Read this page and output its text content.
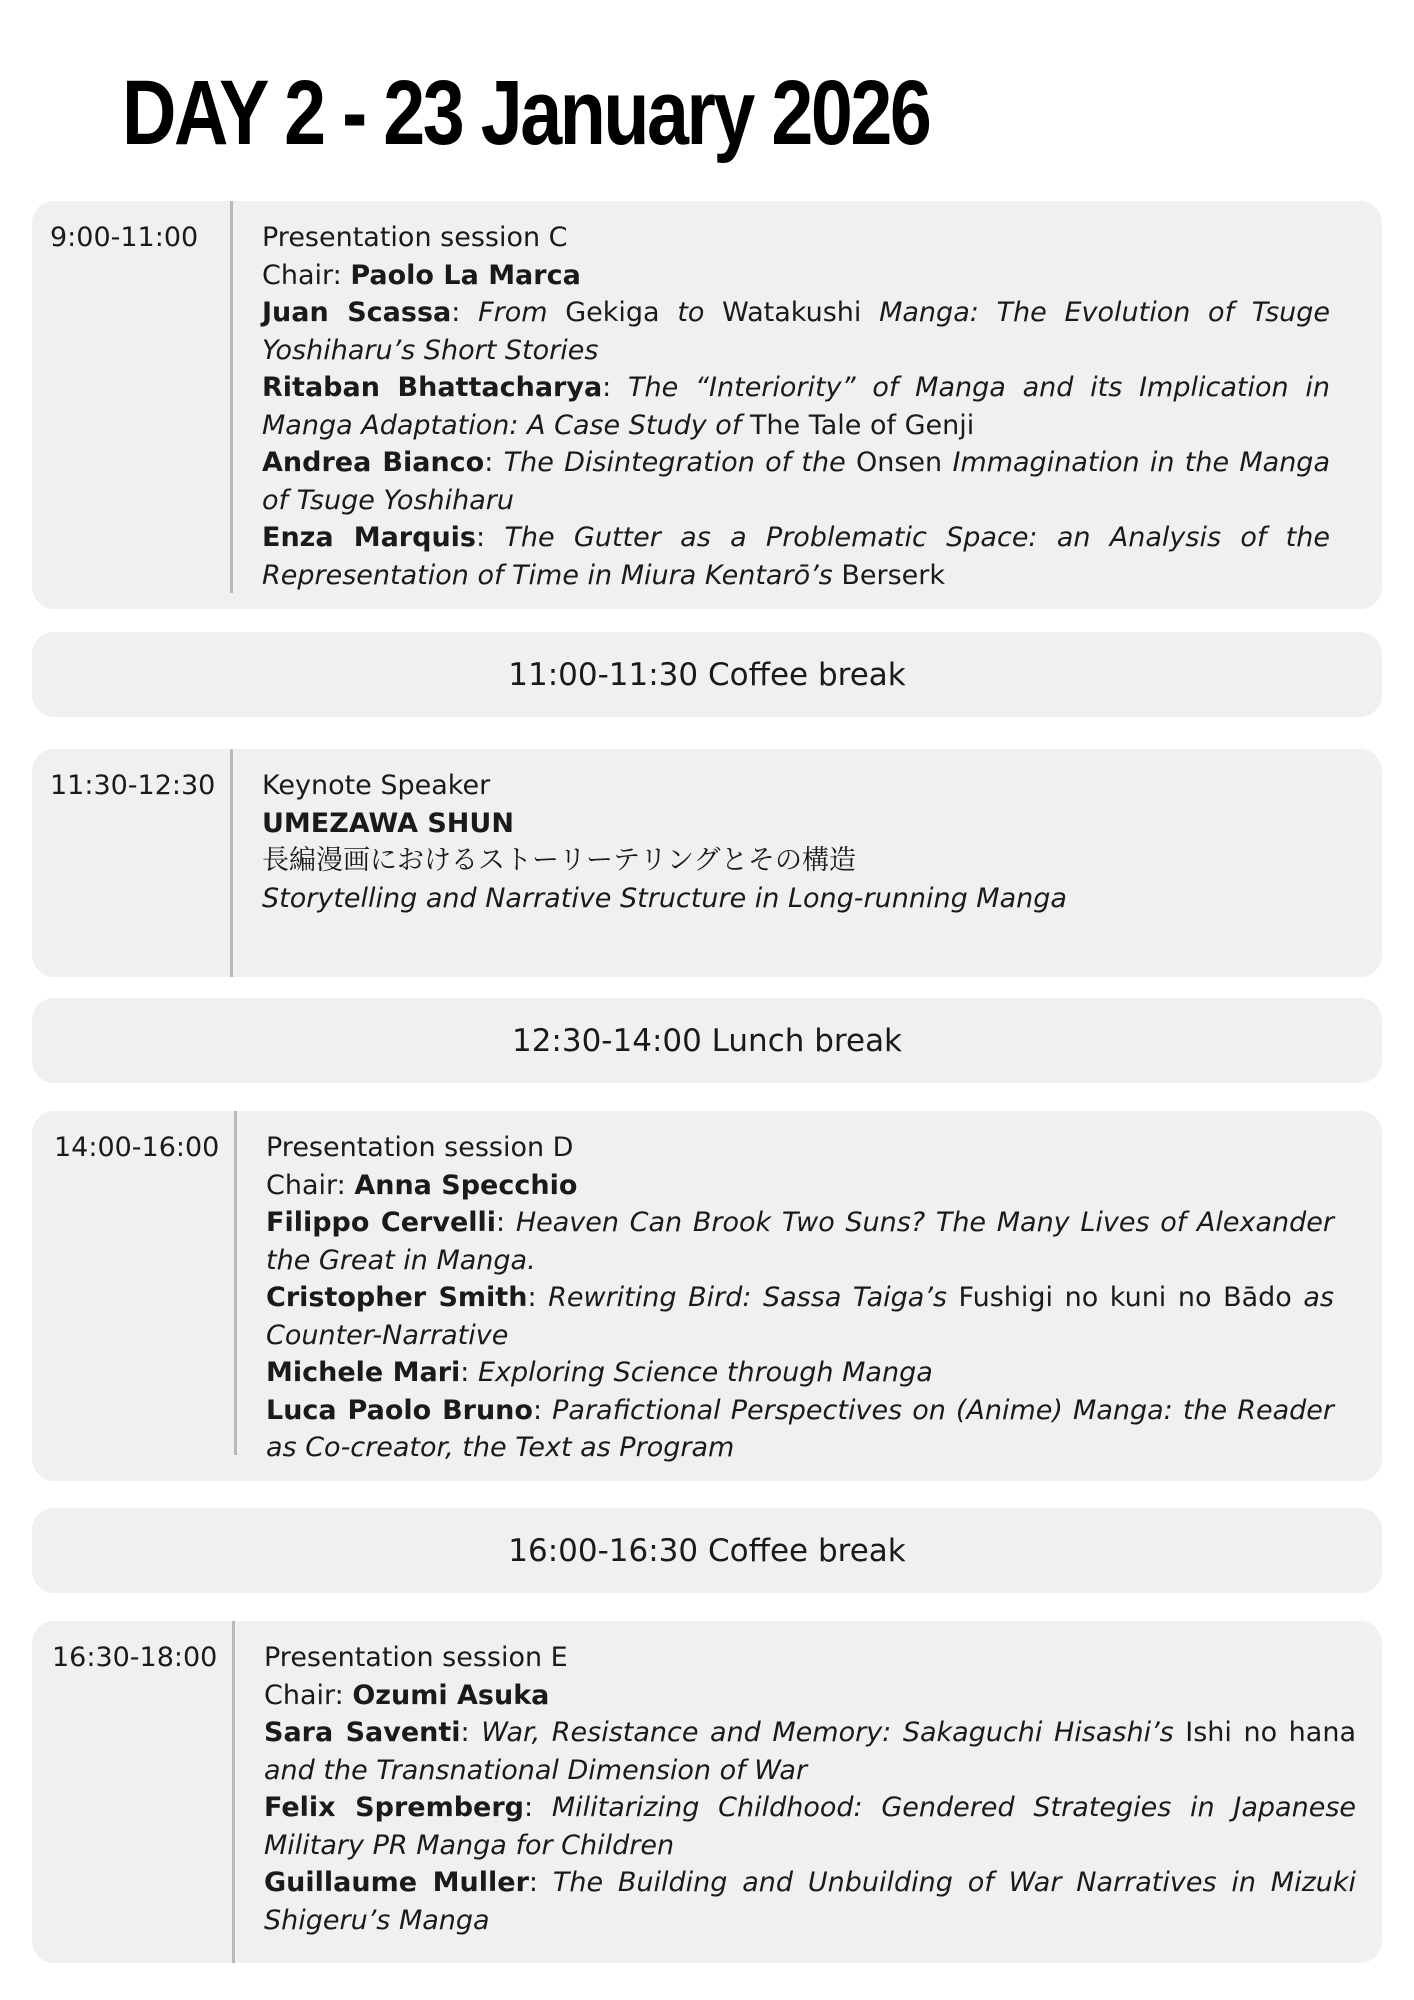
DAY 2 - 23 January 2026
9:00-11:00 Presentation session C
Chair: Paolo La Marca
Juan Scassa: From Gekiga to Watakushi Manga: The Evolution of Tsuge Yoshiharu’s Short Stories
Ritaban Bhattacharya: The “Interiority” of Manga and its Implication in Manga Adaptation: A Case Study of The Tale of Genji
Andrea Bianco: The Disintegration of the Onsen Immagination in the Manga of Tsuge Yoshiharu
Enza Marquis: The Gutter as a Problematic Space: an Analysis of the Representation of Time in Miura Kentarō’s Berserk
11:00-11:30 Coffee break
11:30-12:30 Keynote Speaker
UMEZAWA SHUN
長編漫画におけるストーリーテリングとその構造
Storytelling and Narrative Structure in Long-running Manga
12:30-14:00 Lunch break
14:00-16:00 Presentation session D
Chair: Anna Specchio
Filippo Cervelli: Heaven Can Brook Two Suns? The Many Lives of Alexander the Great in Manga.
Cristopher Smith: Rewriting Bird: Sassa Taiga’s Fushigi no kuni no Bādo as Counter-Narrative
Michele Mari: Exploring Science through Manga
Luca Paolo Bruno: Parafictional Perspectives on (Anime) Manga: the Reader as Co-creator, the Text as Program
16:00-16:30 Coffee break
16:30-18:00 Presentation session E
Chair: Ozumi Asuka
Sara Saventi: War, Resistance and Memory: Sakaguchi Hisashi’s Ishi no hana and the Transnational Dimension of War
Felix Spremberg: Militarizing Childhood: Gendered Strategies in Japanese Military PR Manga for Children
Guillaume Muller: The Building and Unbuilding of War Narratives in Mizuki Shigeru’s Manga
